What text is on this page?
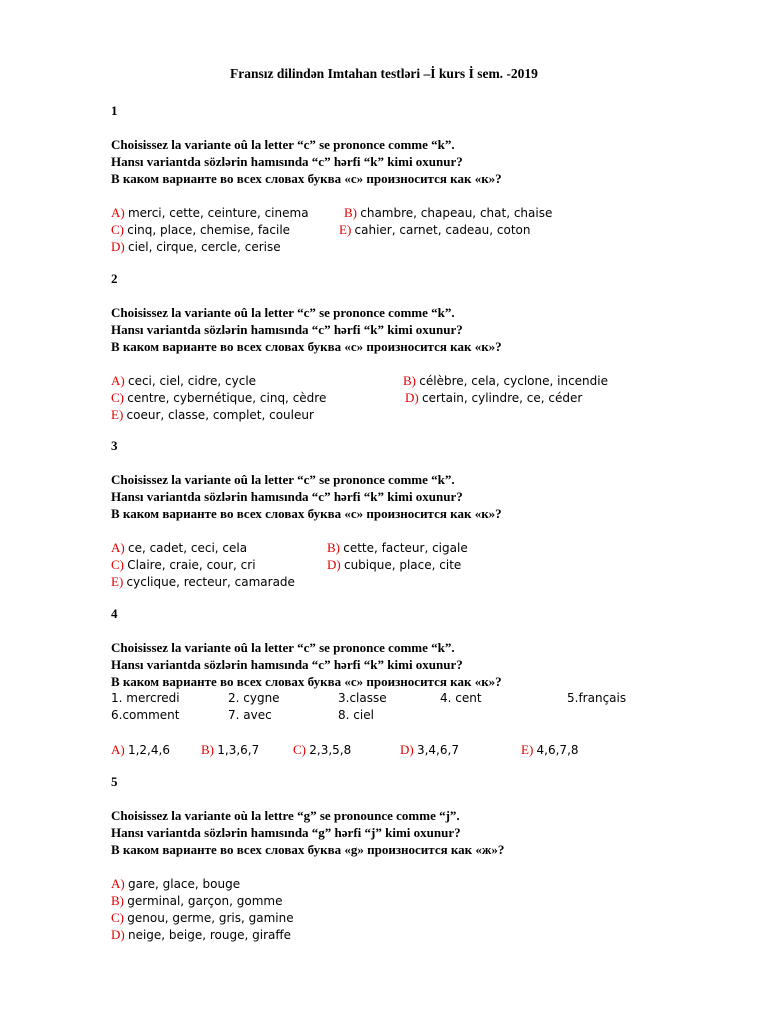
Fransız dilindən Imtahan testləri –İ kurs İ sem. -2019
1
Choisissez la variante oû la letter “c” se prononce comme “k”.
Hansı variantda sözlərin hamısında “c” hərfi “k” kimi oxunur?
В каком варианте во всех словах буква «c» произносится как «к»?
A) merci, cette, ceinture, cinema	B) chambre, chapeau, chat, chaise
C) cinq, place, chemise, facile	E) cahier, carnet, cadeau, coton
D) ciel, cirque, cercle, cerise
2
Choisissez la variante oû la letter “c” se prononce comme “k”.
Hansı variantda sözlərin hamısında “c” hərfi “k” kimi oxunur?
В каком варианте во всех словах буква «c» произносится как «к»?
A) ceci, ciel, cidre, cycle	B) célèbre, cela, cyclone, incendie
C) centre, cybernétique, cinq, cèdre	D) certain, cylindre, ce, céder
E) coeur, classe, complet, couleur
3
Choisissez la variante oû la letter “c” se prononce comme “k”.
Hansı variantda sözlərin hamısında “c” hərfi “k” kimi oxunur?
В каком варианте во всех словах буква «c» произносится как «к»?
A) ce, cadet, ceci, cela	B) cette, facteur, cigale
C) Claire, craie, cour, cri	D) cubique, place, cite
E) cyclique, recteur, camarade
4
Choisissez la variante oû la letter “c” se prononce comme “k”.
Hansı variantda sözlərin hamısında “c” hərfi “k” kimi oxunur?
В каком варианте во всех словах буква «c» произносится как «к»?
1. mercredi	2. cygne	3.classe	4. cent	5.français
6.comment	7. avec	8. ciel
A) 1,2,4,6 B) 1,3,6,7	C) 2,3,5,8	D) 3,4,6,7	E) 4,6,7,8
5
Choisissez la variante où la lettre “g” se pronounce comme “j”.
Hansı variantda sözlərin hamısında “g” hərfi “j” kimi oxunur?
В каком варианте во всех словах буква «g» произносится как «ж»?
A) gare, glace, bouge
B) germinal, garçon, gomme
C) genou, germe, gris, gamine
D) neige, beige, rouge, giraffe
